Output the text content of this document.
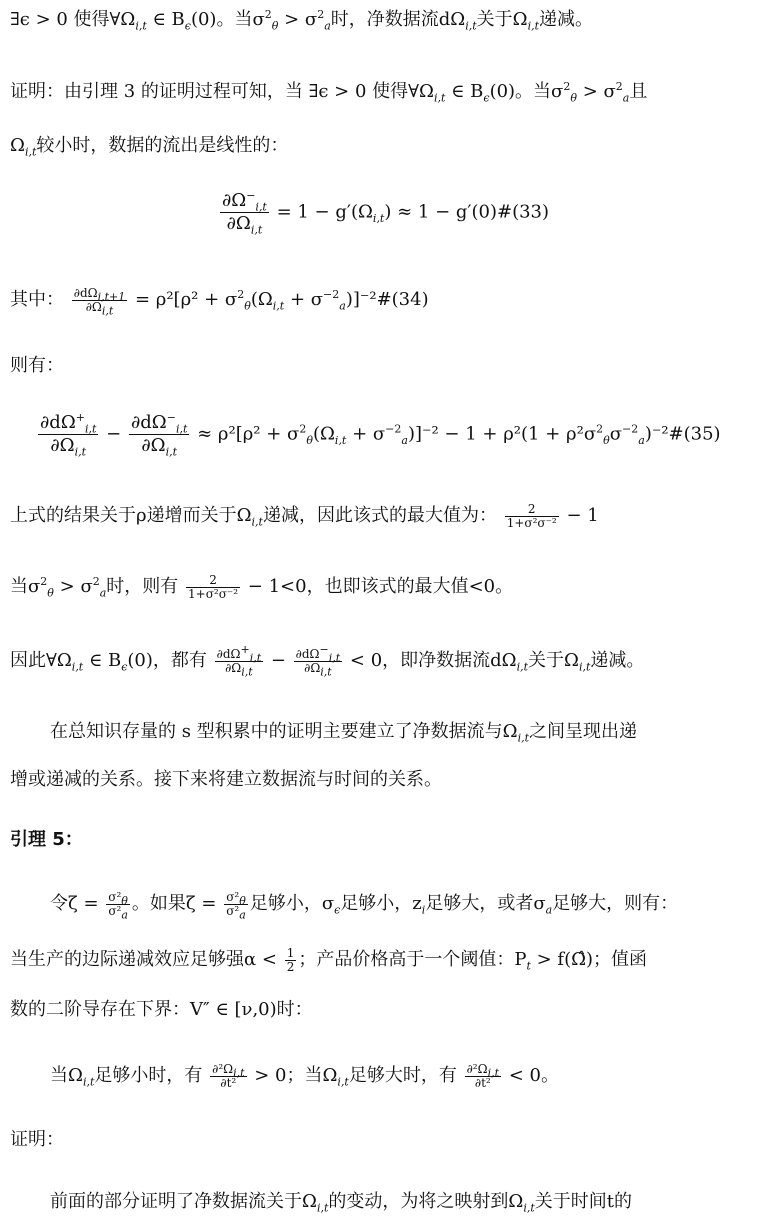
∃ϵ > 0 使得$\forall\Omega_{i,t}$ ∈ $B_\epsilon(0)$。当$\sigma^2_\theta > \sigma^2_a$时，净数据流$d\Omega_{i,t}$关于$\Omega_{i,t}$递减。
证明：由引理 3 的证明过程可知，当 ∃ϵ > 0 使得$\forall\Omega_{i,t}$ ∈ $B_\epsilon(0)$。当$\sigma^2_\theta > \sigma^2_a$且
$\Omega_{i,t}$较小时，数据的流出是线性的：
$\frac{\partial\Omega^-_{i,t}}{\partial\Omega_{i,t}} = 1 - g'(\Omega_{i,t}) \approx 1$ − g′(0)#(33)
其中： $\frac{\partial d\Omega_{i,t+1}}{\partial\Omega_{i,t}} = \rho^2[\rho^2 + \sigma^2_\theta(\Omega_{i,t}$ + $\sigma^{-2}_a)]^{-2}\#(34)$
则有：
$\frac{\partial d\Omega^+_{i,t}}{\partial\Omega_{i,t}} - \frac{\partial d\Omega^-_{i,t}}{\partial\Omega_{i,t}} \approx \rho^2[\rho^2 + \sigma^2_\theta(\Omega_{i,t} + \sigma^{-2}_a)]^{-2} - 1 + \rho^2(1$ + $\rho^2\sigma^2_\theta\sigma^{-2}_a)^{-2}\#(35)$
上式的结果关于ρ递增而关于$\Omega_{i,t}$递减，因此该式的最大值为： $\frac{2}{\text{1+σ²σ⁻²}} - 1$
当$\sigma^2_\theta > \sigma^2_a$时，则有 $\frac{2}{\text{1+σ²σ⁻²}} - 1<0$，也即该式的最大值<0。
因此$\forall\Omega_{i,t}$ ∈ $B_\epsilon(0)$，都有 $\frac{\partial d\Omega^+_{i,t}}{\partial\Omega_{i,t}} - \frac{\partial d\Omega^-_{i,t}}{\partial\Omega_{i,t}} < 0$，即净数据流$d\Omega_{i,t}$关于$\Omega_{i,t}$递减。
在总知识存量的 s 型积累中的证明主要建立了净数据流与$\Omega_{i,t}$之间呈现出递
增或递减的关系。接下来将建立数据流与时间的关系。
引理 5：
令$\zeta = \frac{\sigma^2_\theta}{\sigma^2_a}$ 。如果$\zeta = \frac{\sigma^2_\theta}{\sigma^2_a}$ 足够小，$\sigma_\epsilon$足够小，$z_i$足够大，或者$\sigma_a$足够大，则有：
当生产的边际递减效应足够强$\alpha < \frac{1}{2}$ ；产品价格高于一个阈值：$P_t$ > f(Ω̂)；值函
数的二阶导存在下界：V″ ∈ [ν,0)时：
当$\Omega_{i,t}$足够小时，有 $\frac{\partial^2\Omega_{i,t}}{\text{∂t²}} > 0$；当$\Omega_{i,t}$足够大时，有 $\frac{\partial^2\Omega_{i,t}}{\text{∂t²}} < 0$。
证明：
前面的部分证明了净数据流关于$\Omega_{i,t}$的变动，为将之映射到$\Omega_{i,t}$关于时间t的
